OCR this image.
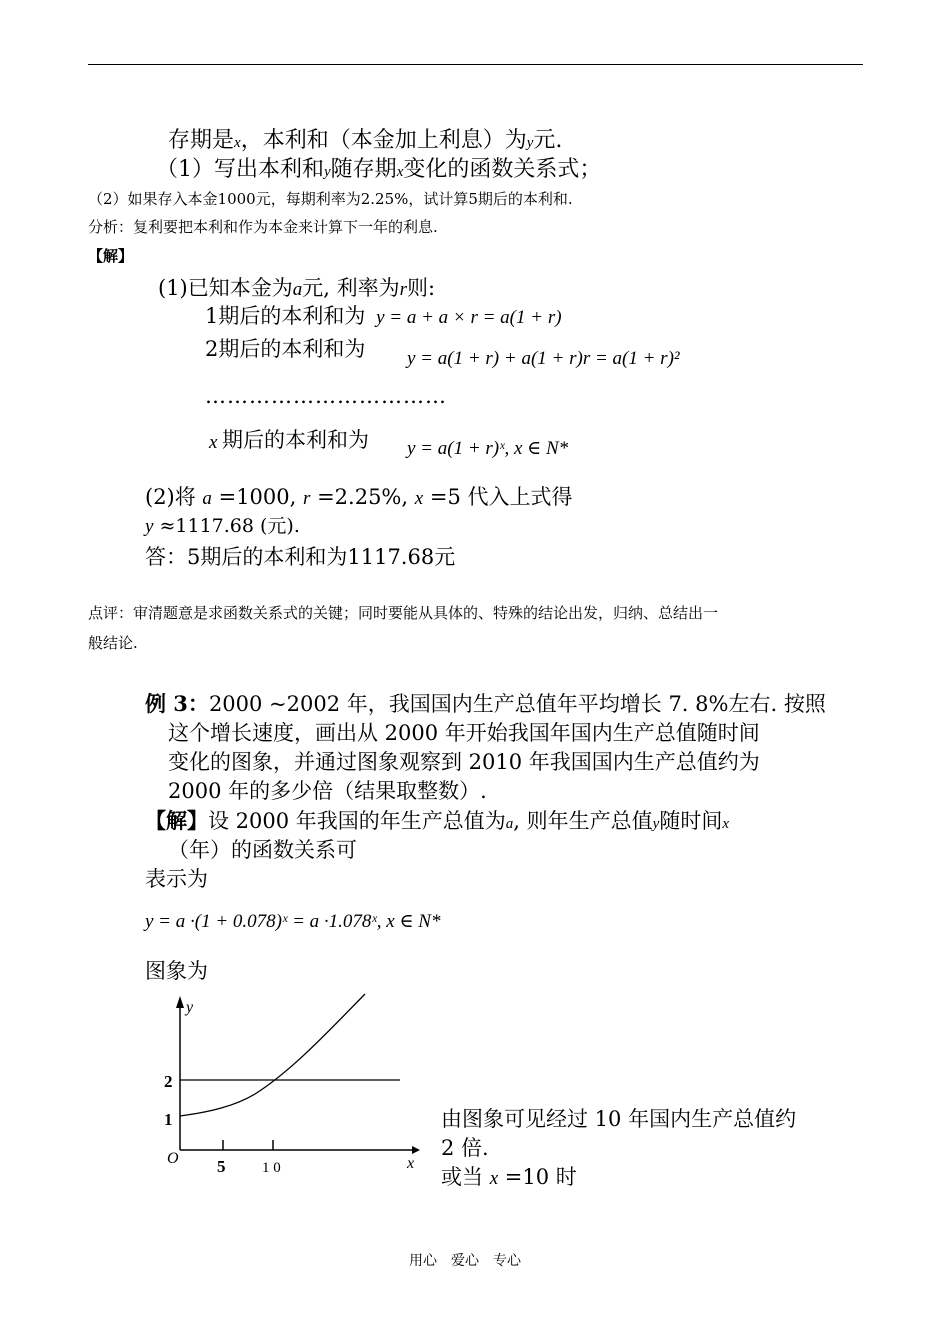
存期是x，本利和（本金加上利息）为y元.
（1）写出本利和y随存期x变化的函数关系式；
（2）如果存入本金1000元，每期利率为2.25%，试计算5期后的本利和.
分析：复利要把本利和作为本金来计算下一年的利息.
【解】
(1)已知本金为a元, 利率为r则:
1期后的本利和为 y = a + a × r = a(1 + r)
2期后的本利和为 y = a(1 + r) + a(1 + r)r = a(1 + r)²
……………………………
x 期后的本利和为 y = a(1 + r)ˣ, x ∈ N*
(2)将 a =1000, r =2.25%, x =5 代入上式得
y ≈1117.68 (元).
答：5期后的本利和为1117.68元
点评：审清题意是求函数关系式的关键；同时要能从具体的、特殊的结论出发，归纳、总结出一
般结论.
例 3：2000 ~2002 年，我国国内生产总值年平均增长 7. 8%左右. 按照
这个增长速度，画出从 2000 年开始我国年国内生产总值随时间
变化的图象，并通过图象观察到 2010 年我国国内生产总值约为
2000 年的多少倍（结果取整数）.
【解】设 2000 年我国的年生产总值为a, 则年生产总值y随时间x
（年）的函数关系可
表示为
y = a ·(1 + 0.078)ˣ = a ·1.078ˣ, x ∈ N*
图象为
x
y
O 5 1 0
1
2
由图象可见经过 10 年国内生产总值约
2 倍.
或当 x =10 时
用心　爱心　专心
